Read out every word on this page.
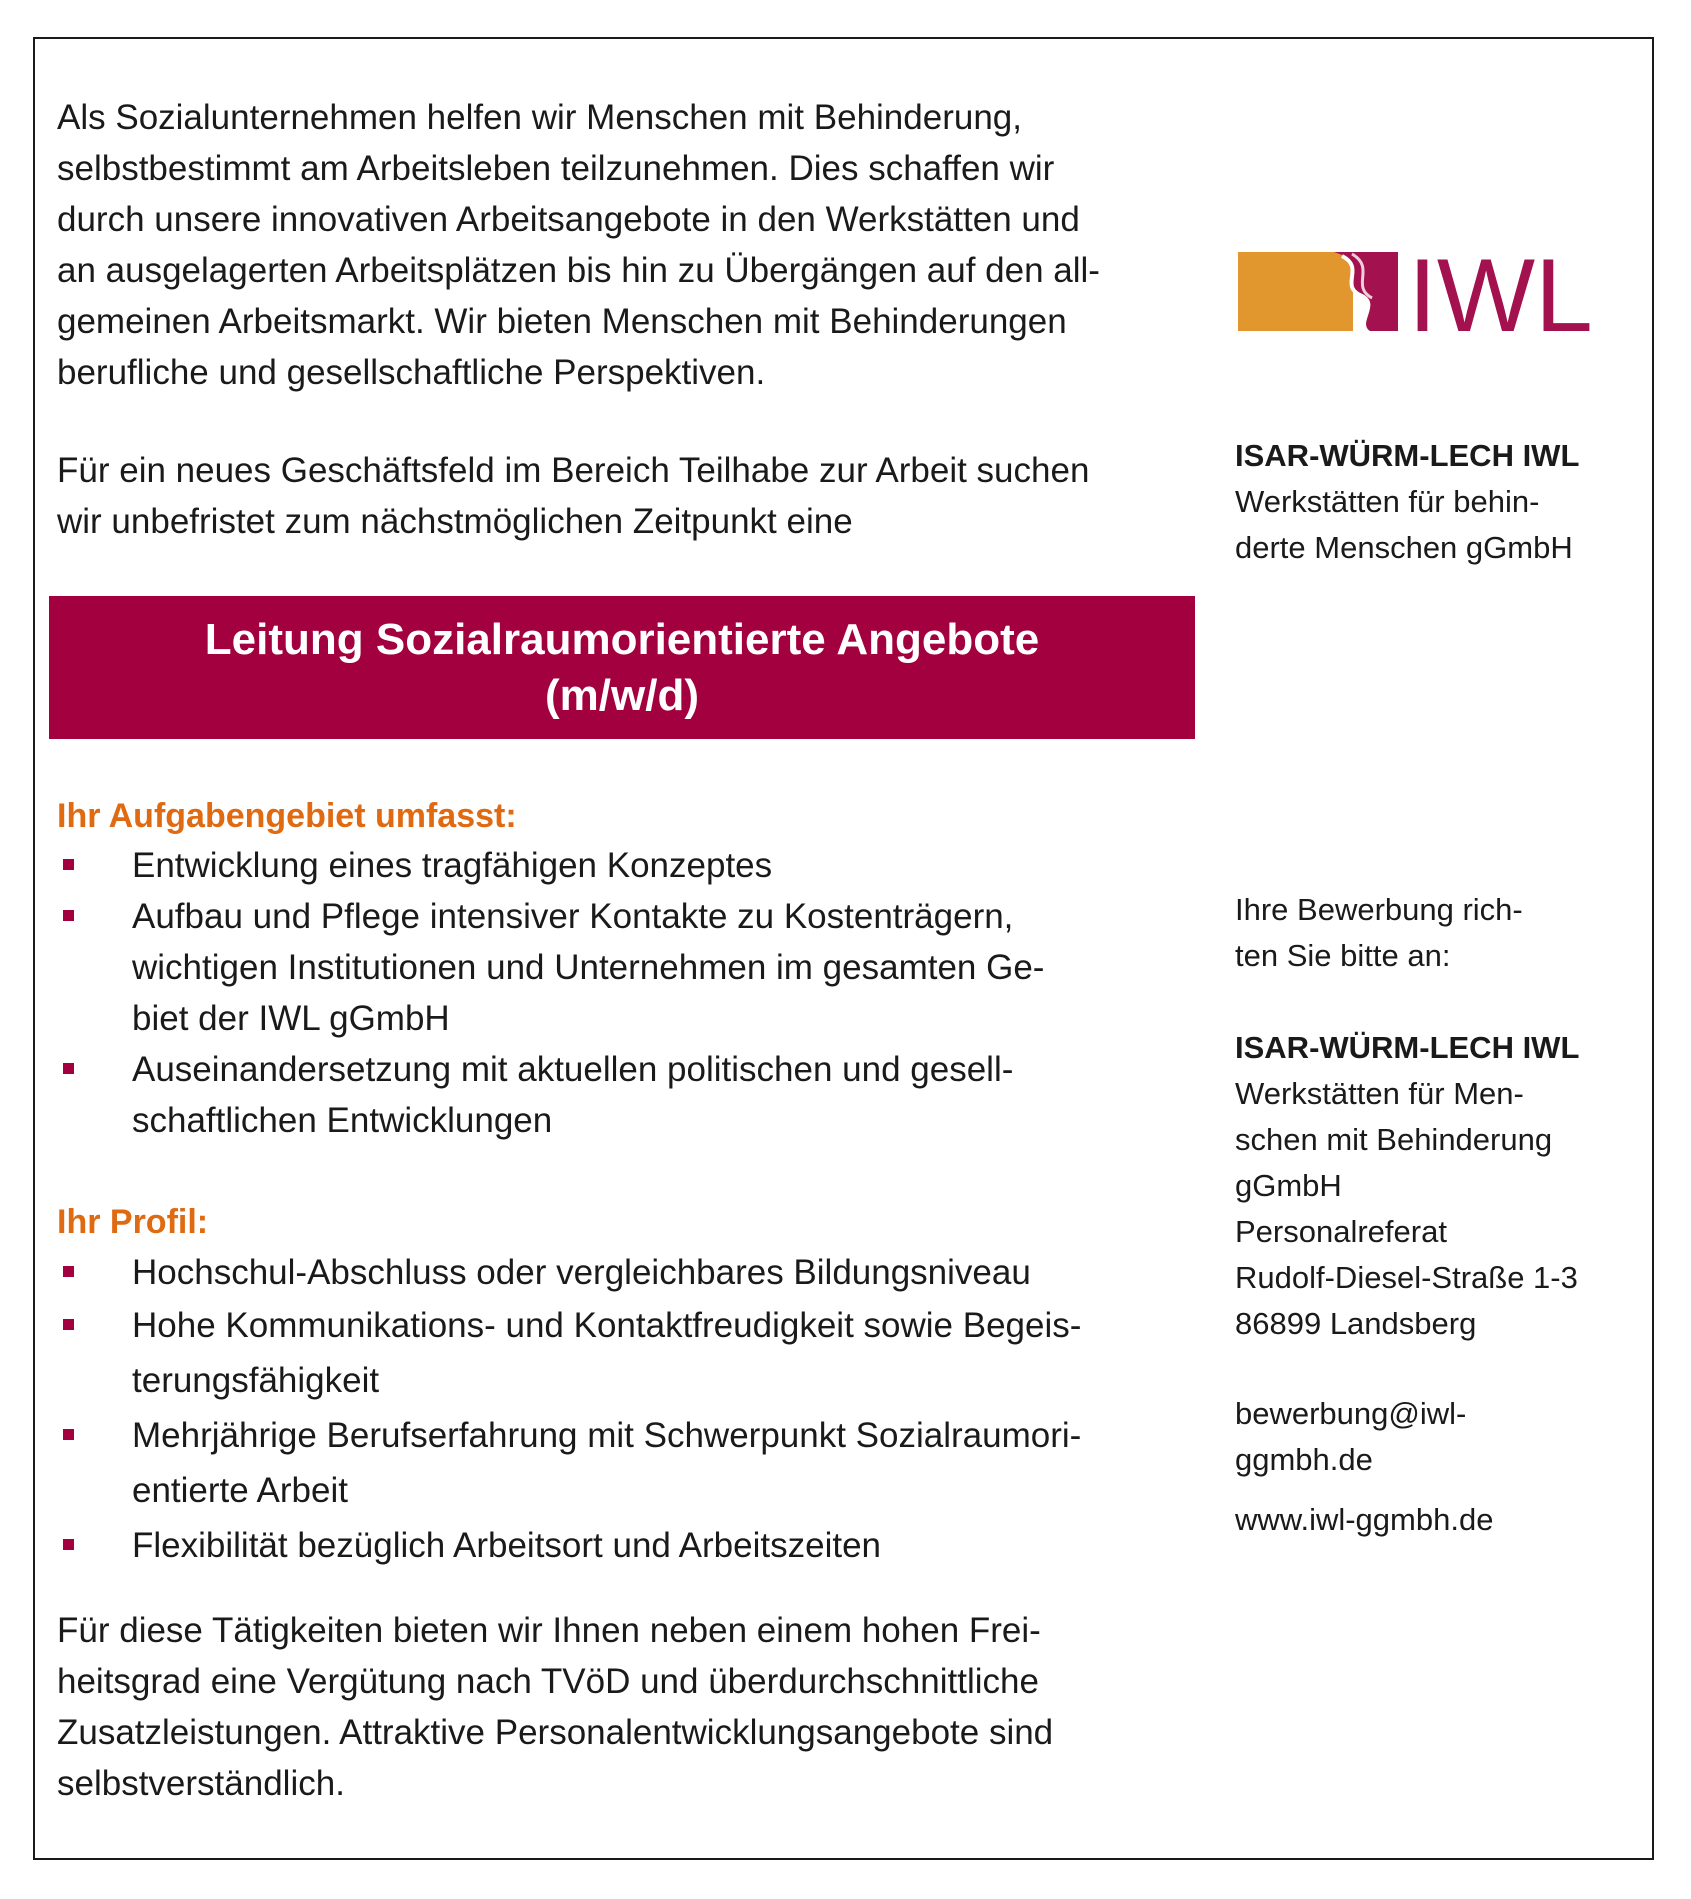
Als Sozialunternehmen helfen wir Menschen mit Behinderung,
selbstbestimmt am Arbeitsleben teilzunehmen. Dies schaffen wir
durch unsere innovativen Arbeitsangebote in den Werkstätten und
an ausgelagerten Arbeitsplätzen bis hin zu Übergängen auf den all-
gemeinen Arbeitsmarkt. Wir bieten Menschen mit Behinderungen
berufliche und gesellschaftliche Perspektiven.
Für ein neues Geschäftsfeld im Bereich Teilhabe zur Arbeit suchen
wir unbefristet zum nächstmöglichen Zeitpunkt eine
Leitung Sozialraumorientierte Angebote
(m/w/d)
Ihr Aufgabengebiet umfasst:
Entwicklung eines tragfähigen Konzeptes
Aufbau und Pflege intensiver Kontakte zu Kostenträgern,
wichtigen Institutionen und Unternehmen im gesamten Ge-
biet der IWL gGmbH
Auseinandersetzung mit aktuellen politischen und gesell-
schaftlichen Entwicklungen
Ihr Profil:
Hochschul-Abschluss oder vergleichbares Bildungsniveau
Hohe Kommunikations- und Kontaktfreudigkeit sowie Begeis-
terungsfähigkeit
Mehrjährige Berufserfahrung mit Schwerpunkt Sozialraumori-
entierte Arbeit
Flexibilität bezüglich Arbeitsort und Arbeitszeiten
Für diese Tätigkeiten bieten wir Ihnen neben einem hohen Frei-
heitsgrad eine Vergütung nach TVöD und überdurchschnittliche
Zusatzleistungen. Attraktive Personalentwicklungsangebote sind
selbstverständlich.
IWL
ISAR-WÜRM-LECH IWL
Werkstätten für behin-
derte Menschen gGmbH
Ihre Bewerbung rich-
ten Sie bitte an:
ISAR-WÜRM-LECH IWL
Werkstätten für Men-
schen mit Behinderung
gGmbH
Personalreferat
Rudolf-Diesel-Straße 1-3
86899 Landsberg
bewerbung@iwl-
ggmbh.de
www.iwl-ggmbh.de
